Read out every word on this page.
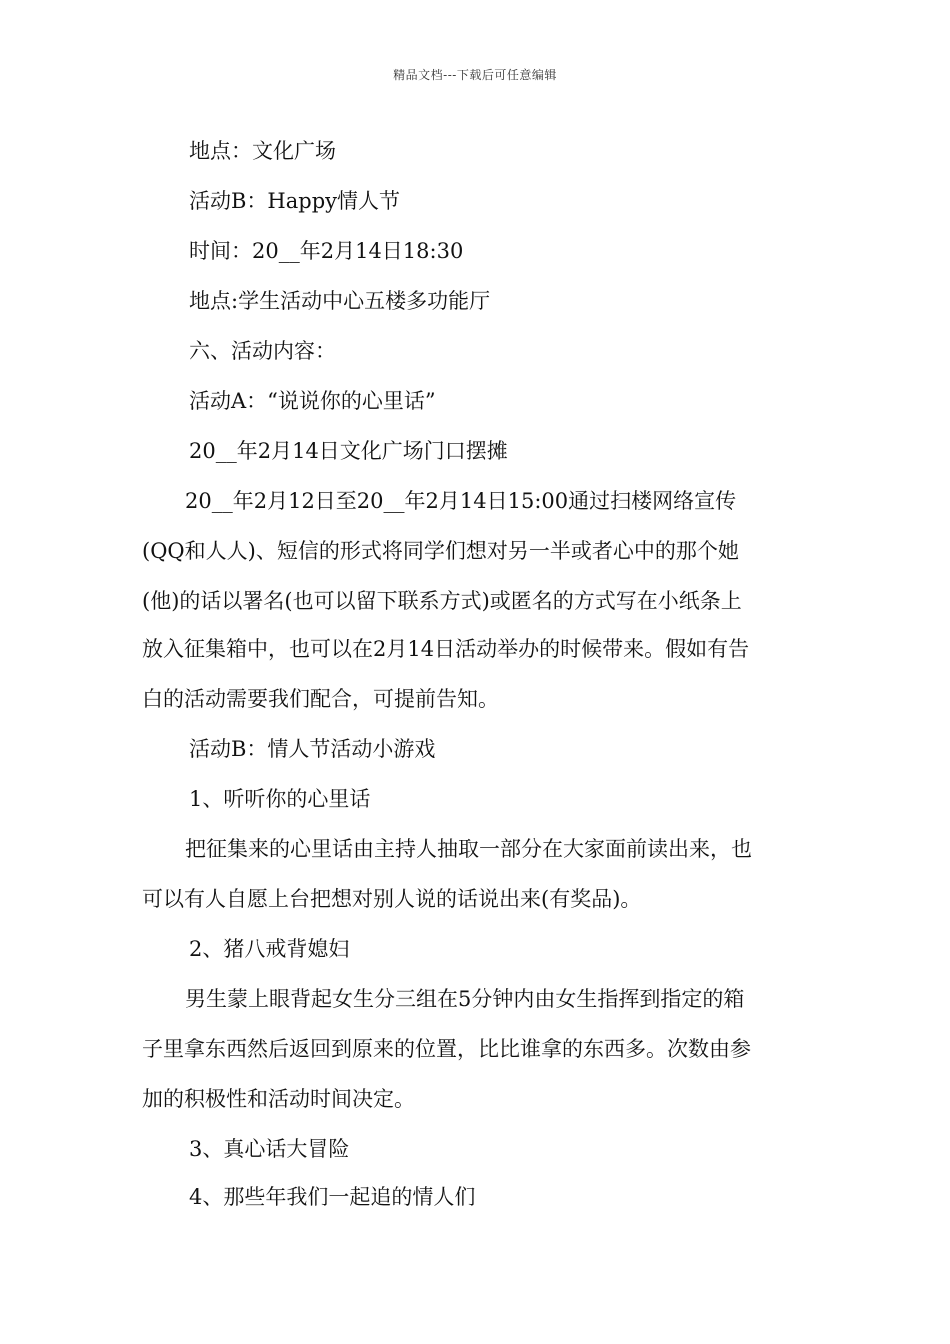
精品文档---下载后可任意编辑
地点：文化广场
活动B：Happy情人节
时间：20__年2月14日18:30
地点:学生活动中心五楼多功能厅
六、活动内容：
活动A：“说说你的心里话”
20__年2月14日文化广场门口摆摊
20__年2月12日至20__年2月14日15:00通过扫楼网络宣传
(QQ和人人)、短信的形式将同学们想对另一半或者心中的那个她
(他)的话以署名(也可以留下联系方式)或匿名的方式写在小纸条上
放入征集箱中，也可以在2月14日活动举办的时候带来。假如有告
白的活动需要我们配合，可提前告知。
活动B：情人节活动小游戏
1、听听你的心里话
把征集来的心里话由主持人抽取一部分在大家面前读出来，也
可以有人自愿上台把想对别人说的话说出来(有奖品)。
2、猪八戒背媳妇
男生蒙上眼背起女生分三组在5分钟内由女生指挥到指定的箱
子里拿东西然后返回到原来的位置，比比谁拿的东西多。次数由参
加的积极性和活动时间决定。
3、真心话大冒险
4、那些年我们一起追的情人们
